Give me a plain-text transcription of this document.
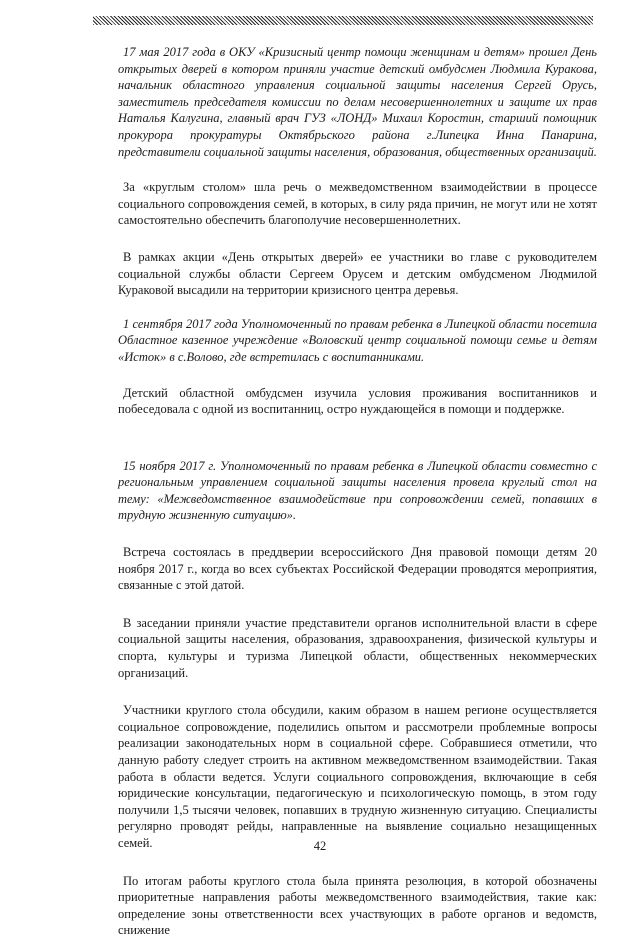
17 мая 2017 года в ОКУ «Кризисный центр помощи женщинам и детям» прошел День открытых дверей в котором приняли участие детский омбудсмен Людмила Куракова, начальник областного управления социальной защиты населения Сергей Орусь, заместитель председателя комиссии по делам несовершеннолетних и защите их прав Наталья Калугина, главный врач ГУЗ «ЛОНД» Михаил Коростин, старший помощник прокурора прокуратуры Октябрьского района г.Липецка Инна Панарина, представители социальной защиты населения, образования, общественных организаций.

За «круглым столом» шла речь о межведомственном взаимодействии в процессе социального сопровождения семей, в которых, в силу ряда причин, не могут или не хотят самостоятельно обеспечить благополучие несовершеннолетних.

В рамках акции «День открытых дверей» ее участники во главе с руководителем социальной службы области Сергеем Орусем и детским омбудсменом Людмилой Кураковой высадили на территории кризисного центра деревья.

1 сентября 2017 года Уполномоченный по правам ребенка в Липецкой области посетила Областное казенное учреждение «Воловский центр социальной помощи семье и детям «Исток» в с.Волово, где встретилась с воспитанниками.

Детский областной омбудсмен изучила условия проживания воспитанников и побеседовала с одной из воспитанниц, остро нуждающейся в помощи и поддержке.

15 ноября 2017 г. Уполномоченный по правам ребенка в Липецкой области совместно с региональным управлением социальной защиты населения провела круглый стол на тему: «Межведомственное взаимодействие при сопровождении семей, попавших в трудную жизненную ситуацию».

Встреча состоялась в преддверии всероссийского Дня правовой помощи детям 20 ноября 2017 г., когда во всех субъектах Российской Федерации проводятся мероприятия, связанные с этой датой.

В заседании приняли участие представители органов исполнительной власти в сфере социальной защиты населения, образования, здравоохранения, физической культуры и спорта, культуры и туризма Липецкой области, общественных некоммерческих организаций.

Участники круглого стола обсудили, каким образом в нашем регионе осуществляется социальное сопровождение, поделились опытом и рассмотрели проблемные вопросы реализации законодательных норм в социальной сфере. Собравшиеся отметили, что данную работу следует строить на активном межведомственном взаимодействии. Такая работа в области ведется. Услуги социального сопровождения, включающие в себя юридические консультации, педагогическую и психологическую помощь, в этом году получили 1,5 тысячи человек, попавших в трудную жизненную ситуацию. Специалисты регулярно проводят рейды, направленные на выявление социально незащищенных семей.

По итогам работы круглого стола была принята резолюция, в которой обозначены приоритетные направления работы межведомственного взаимодействия, такие как: определение зоны ответственности всех участвующих в работе органов и ведомств, снижение

42
